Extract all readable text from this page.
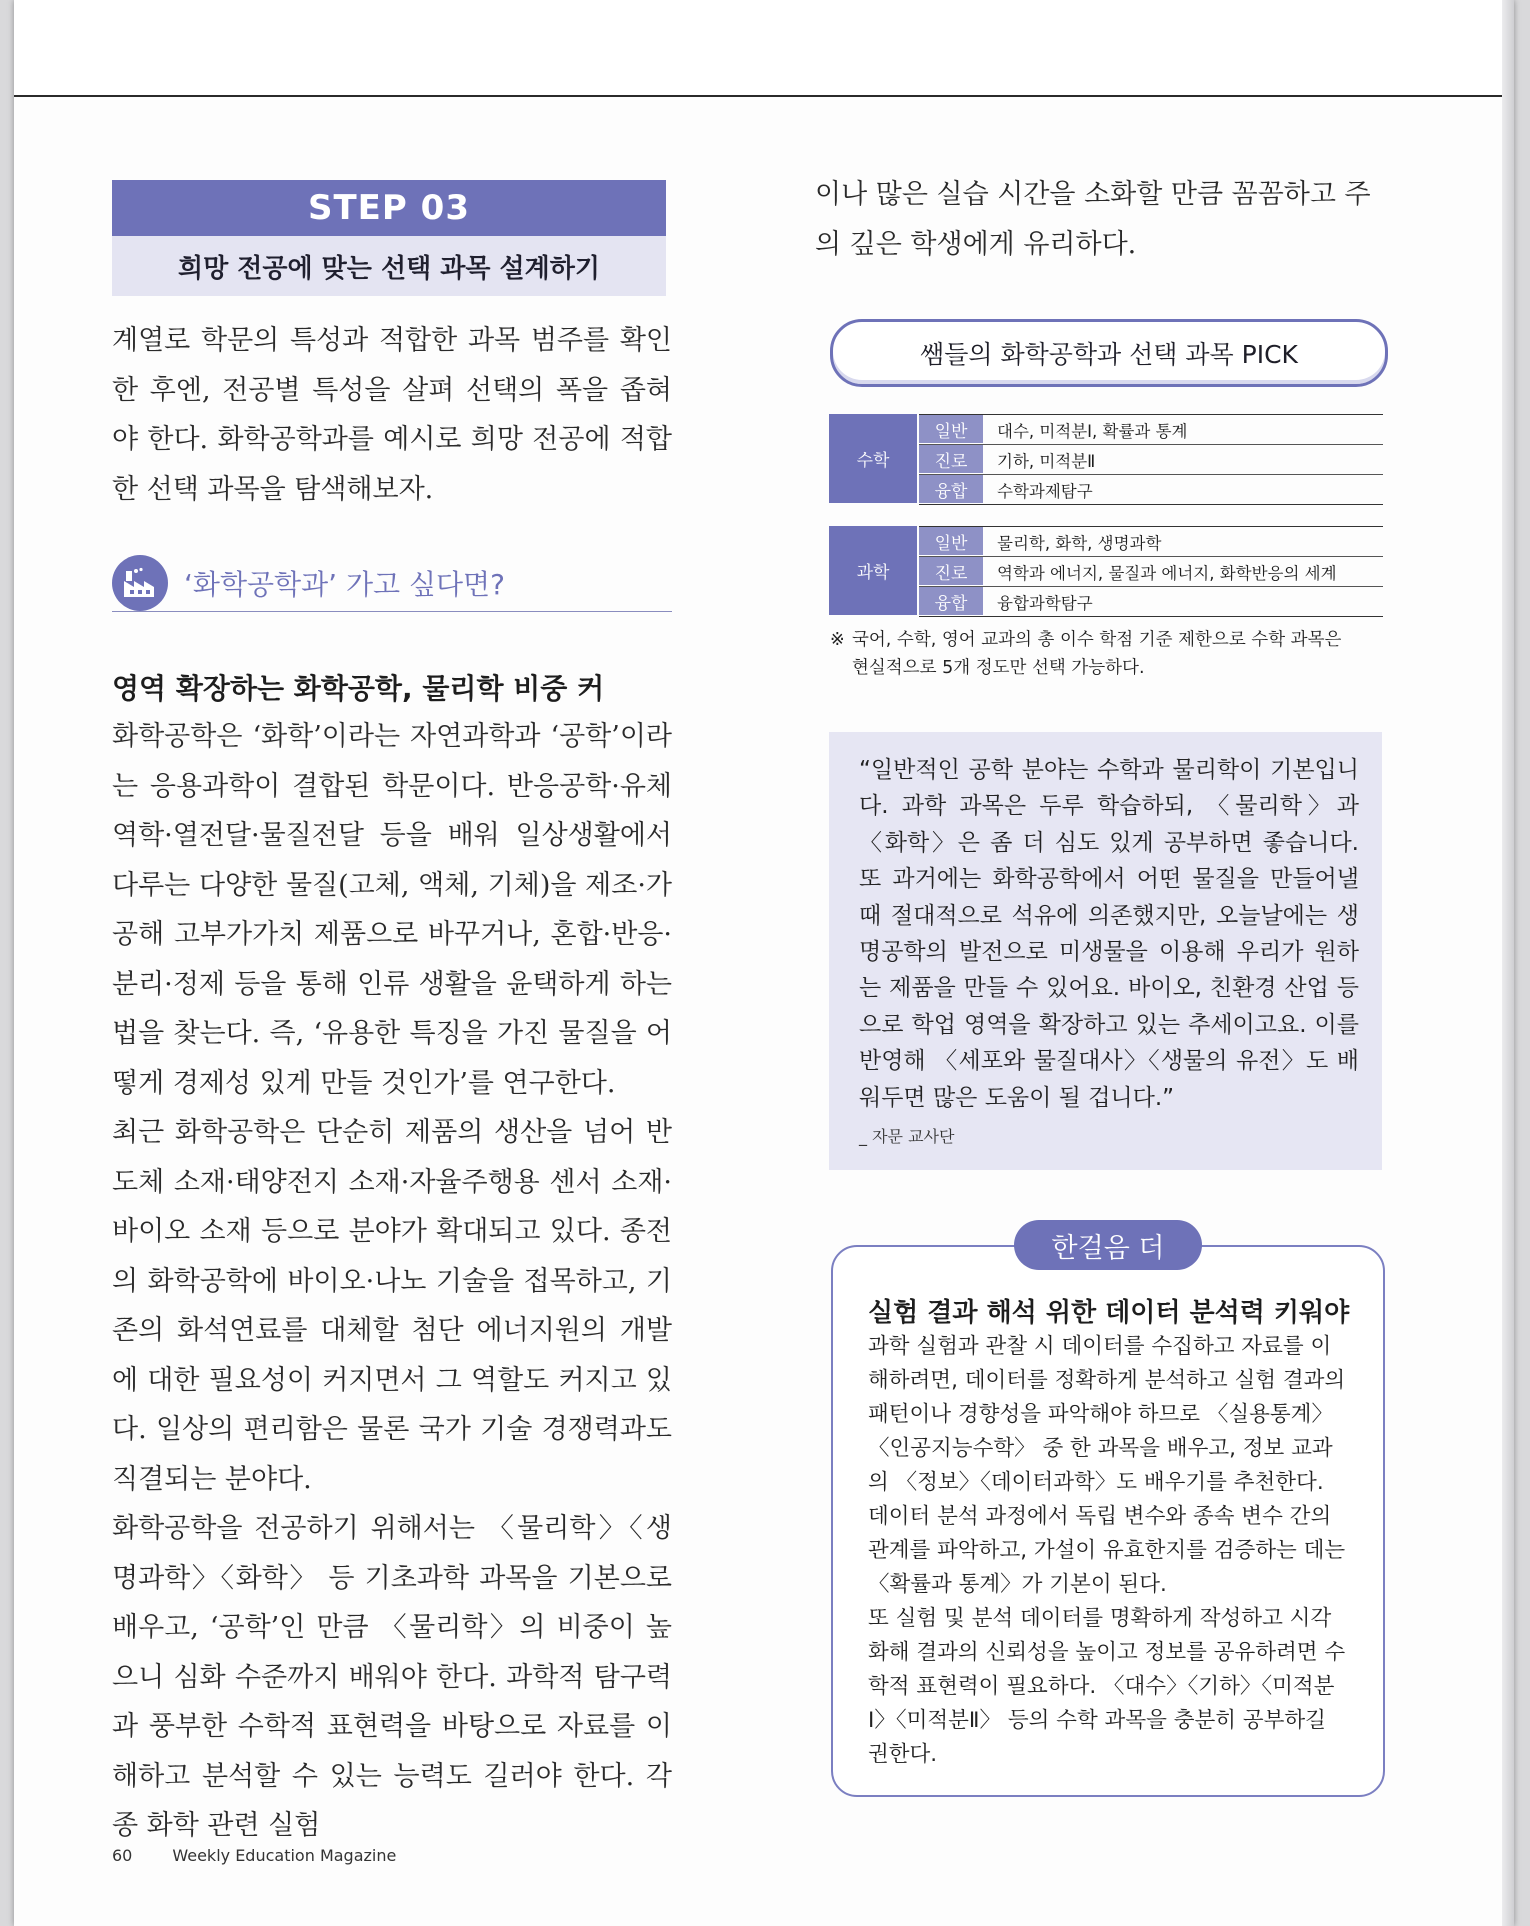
STEP 03
희망 전공에 맞는 선택 과목 설계하기

계열로 학문의 특성과 적합한 과목 범주를 확인한 후엔, 전공별 특성을 살펴 선택의 폭을 좁혀야 한다. 화학공학과를 예시로 희망 전공에 적합한 선택 과목을 탐색해보자.

‘화학공학과’ 가고 싶다면?
영역 확장하는 화학공학, 물리학 비중 커

화학공학은 ‘화학’이라는 자연과학과 ‘공학’이라는 응용과학이 결합된 학문이다. 반응공학·유체역학·열전달·물질전달 등을 배워 일상생활에서 다루는 다양한 물질(고체, 액체, 기체)을 제조·가공해 고부가가치 제품으로 바꾸거나, 혼합·반응·분리·정제 등을 통해 인류 생활을 윤택하게 하는 법을 찾는다. 즉, ‘유용한 특징을 가진 물질을 어떻게 경제성 있게 만들 것인가’를 연구한다.

최근 화학공학은 단순히 제품의 생산을 넘어 반도체 소재·태양전지 소재·자율주행용 센서 소재·바이오 소재 등으로 분야가 확대되고 있다. 종전의 화학공학에 바이오·나노 기술을 접목하고, 기존의 화석연료를 대체할 첨단 에너지원의 개발에 대한 필요성이 커지면서 그 역할도 커지고 있다. 일상의 편리함은 물론 국가 기술 경쟁력과도 직결되는 분야다.

화학공학을 전공하기 위해서는 〈물리학〉〈생명과학〉〈화학〉 등 기초과학 과목을 기본으로 배우고, ‘공학’인 만큼 〈물리학〉의 비중이 높으니 심화 수준까지 배워야 한다. 과학적 탐구력과 풍부한 수학적 표현력을 바탕으로 자료를 이해하고 분석할 수 있는 능력도 길러야 한다. 각종 화학 관련 실험

60	Weekly Education Magazine

이나 많은 실습 시간을 소화할 만큼 꼼꼼하고 주의 깊은 학생에게 유리하다.

쌤들의 화학공학과 선택 과목 PICK
수학
일반	대수, 미적분Ⅰ, 확률과 통계
진로	기하, 미적분Ⅱ
융합	수학과제탐구
과학
일반	물리학, 화학, 생명과학
진로	역학과 에너지, 물질과 에너지, 화학반응의 세계
융합	융합과학탐구
※ 국어, 수학, 영어 교과의 총 이수 학점 기준 제한으로 수학 과목은
현실적으로 5개 정도만 선택 가능하다.
“일반적인 공학 분야는 수학과 물리학이 기본입니다. 과학 과목은 두루 학습하되, 〈물리학〉과 〈화학〉은 좀 더 심도 있게 공부하면 좋습니다. 또 과거에는 화학공학에서 어떤 물질을 만들어낼 때 절대적으로 석유에 의존했지만, 오늘날에는 생명공학의 발전으로 미생물을 이용해 우리가 원하는 제품을 만들 수 있어요. 바이오, 친환경 산업 등으로 학업 영역을 확장하고 있는 추세이고요. 이를 반영해 〈세포와 물질대사〉〈생물의 유전〉도 배워두면 많은 도움이 될 겁니다.”
_ 자문 교사단
한걸음 더
실험 결과 해석 위한 데이터 분석력 키워야

과학 실험과 관찰 시 데이터를 수집하고 자료를 이해하려면, 데이터를 정확하게 분석하고 실험 결과의 패턴이나 경향성을 파악해야 하므로 〈실용통계〉〈인공지능수학〉 중 한 과목을 배우고, 정보 교과의 〈정보〉〈데이터과학〉도 배우기를 추천한다. 데이터 분석 과정에서 독립 변수와 종속 변수 간의 관계를 파악하고, 가설이 유효한지를 검증하는 데는 〈확률과 통계〉가 기본이 된다.

또 실험 및 분석 데이터를 명확하게 작성하고 시각화해 결과의 신뢰성을 높이고 정보를 공유하려면 수학적 표현력이 필요하다. 〈대수〉〈기하〉〈미적분Ⅰ〉〈미적분Ⅱ〉 등의 수학 과목을 충분히 공부하길 권한다.
